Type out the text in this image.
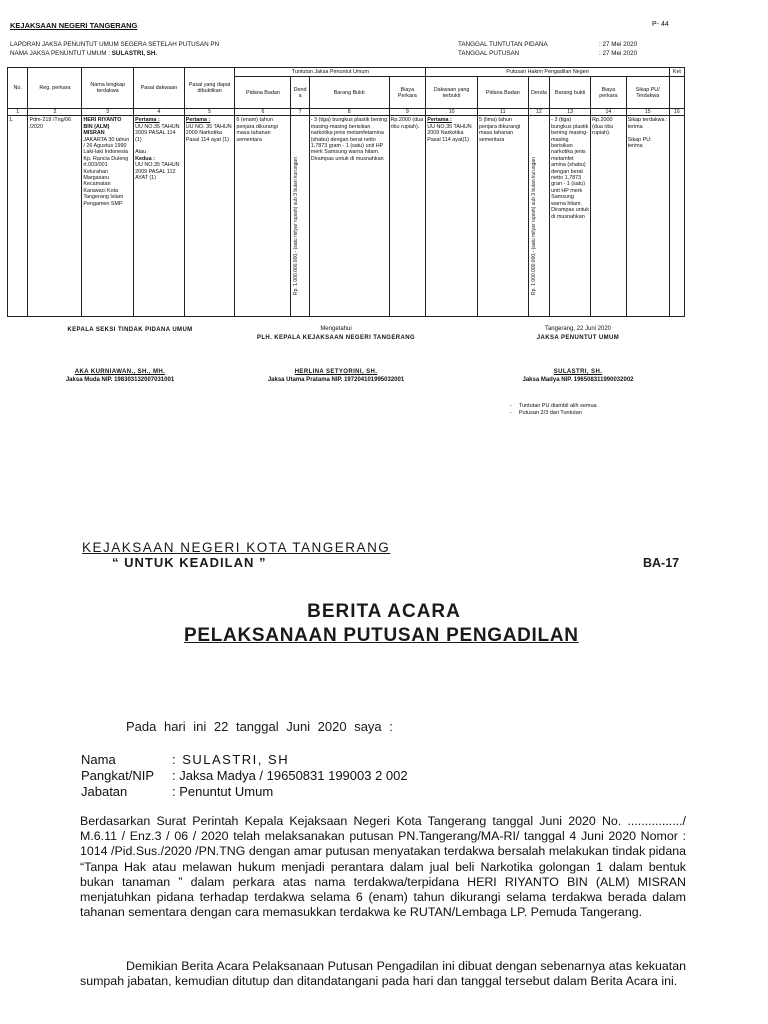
KEJAKSAAN NEGERI TANGERANG	P- 44
LAPORAN JAKSA PENUNTUT UMUM SEGERA SETELAH PUTUSAN PN
NAMA JAKSA PENUNTUT UMUM : SULASTRI, SH.
TANGGAL TUNTUTAN PIDANA	: 27 Mei 2020
TANGGAL PUTUSAN	: 27 Mei 2020
No.	Reg. perkara	Nama lengkap terdakwa	Pasal dakwaan	Pasal yang dapat dibuktikan	Tuntutan Jaksa Penuntut Umum				Putusan Hakim Pengadilan Negeri						Ket
					Pidana Badan	Denda	Barang Bukti	Biaya Perkara	Dakwaan yang terbukti	Pidana Badan	Denda	Barang bukti	Biaya perkara	Sikap PU/ Terdakwa	
1	2	3	4	5	6	7	8	9	10	11	12	13	14	15	16
1.	Pdm-219 /Tng/06 /2020	HERI RIYANTO BIN (ALM) MISRAN
JAKARTA 30 tahun / 26 Agustus 1990 Laki-laki Indonesia Kp. Rancia Duleng rt.003/001 Kelurahan Margasaru Kecamatan Karawaci Kota Tangerang Islam Pengamen SMP	Pertama :
UU NO.35 TAHUN 2009 PASAL 114 (1)

Atau
Kedua :
UU NO.35 TAHUN 2009 PASAL 112 AYAT (1)	Pertama :
UU NO. 35 TAHUN 2009 Narkotika Pasal 114 ayat (1)	6 (enam) tahun penjara dikurangi masa tahanan sementara	Rp. 1.000.000.000,- (satu milyar rupiah) sub 3 bulan kurungan	- 3 (tiga) bungkus plastik bening masing-masing berisikan narkotika jenis metamfetamina (shabu) dengan berat netto 1,7873 gram - 1 (satu) unit HP merk Samsung warna hitam. Dirampas untuk di musnahkan	Rp.2000 (dua ribu rupiah).	Pertama :
UU NO.35 TAHUN 2009 Narkotika Pasal 114 ayat(1)	5 (lima) tahun penjara dikurangi masa tahanan sementara	Rp. 1.000.000.000,- (satu milyar rupiah) sub 3 bulan kurungan	- 3 (tiga) bungkus plastik bening masing-masing berisikan narkotika jenis metamfet amina (shabu) dengan berat netto 1,7873 gran - 1 (satu) unit HP merk Samsung warna hitam. Dirampas untuk di musnahkan	Rp.2000 (dua ribu rupiah).	Sikap terdakwa : terima

Sikap PU: terima	
KEPALA SEKSI TINDAK PIDANA UMUM	Mengetahui
PLH. KEPALA KEJAKSAAN NEGERI TANGERANG
Tangerang, 22 Juni 2020
JAKSA PENUNTUT UMUM
AKA KURNIAWAN., SH., MH.
Jaksa Muda NIP. 198303132007031001
HERLINA SETYORINI, SH.
Jaksa Utama Pratama NIP. 197204101995032001
SULASTRI, SH.
Jaksa Madya NIP. 196508311990032002
- Tuntutan PU diambil alih semua
- Putusan 2/3 dari Tuntutan
KEJAKSAAN NEGERI KOTA TANGERANG
“ UNTUK KEADILAN ”	BA-17
BERITA ACARA
PELAKSANAAN PUTUSAN PENGADILAN
Pada hari ini 22 tanggal Juni 2020 saya :
Nama	: SULASTRI, SH
Pangkat/NIP : Jaksa Madya / 19650831 199003 2 002
Jabatan	: Penuntut Umum
Berdasarkan Surat Perintah Kepala Kejaksaan Negeri Kota Tangerang tanggal Juni 2020 No. ................/ M.6.11 / Enz.3 / 06 / 2020 telah melaksanakan putusan PN.Tangerang/MA-RI/ tanggal 4 Juni 2020 Nomor : 1014 /Pid.Sus./2020 /PN.TNG dengan amar putusan menyatakan terdakwa bersalah melakukan tindak pidana “Tanpa Hak atau melawan hukum menjadi perantara dalam jual beli Narkotika golongan 1 dalam bentuk bukan tanaman ” dalam perkara atas nama terdakwa/terpidana HERI RIYANTO BIN (ALM) MISRAN menjatuhkan pidana terhadap terdakwa selama 6 (enam) tahun dikurangi selama terdakwa berada dalam tahanan sementara dengan cara memasukkan terdakwa ke RUTAN/Lembaga LP. Pemuda Tangerang.
Demikian Berita Acara Pelaksanaan Putusan Pengadilan ini dibuat dengan sebenarnya atas kekuatan sumpah jabatan, kemudian ditutup dan ditandatangani pada hari dan tanggal tersebut dalam Berita Acara ini.
